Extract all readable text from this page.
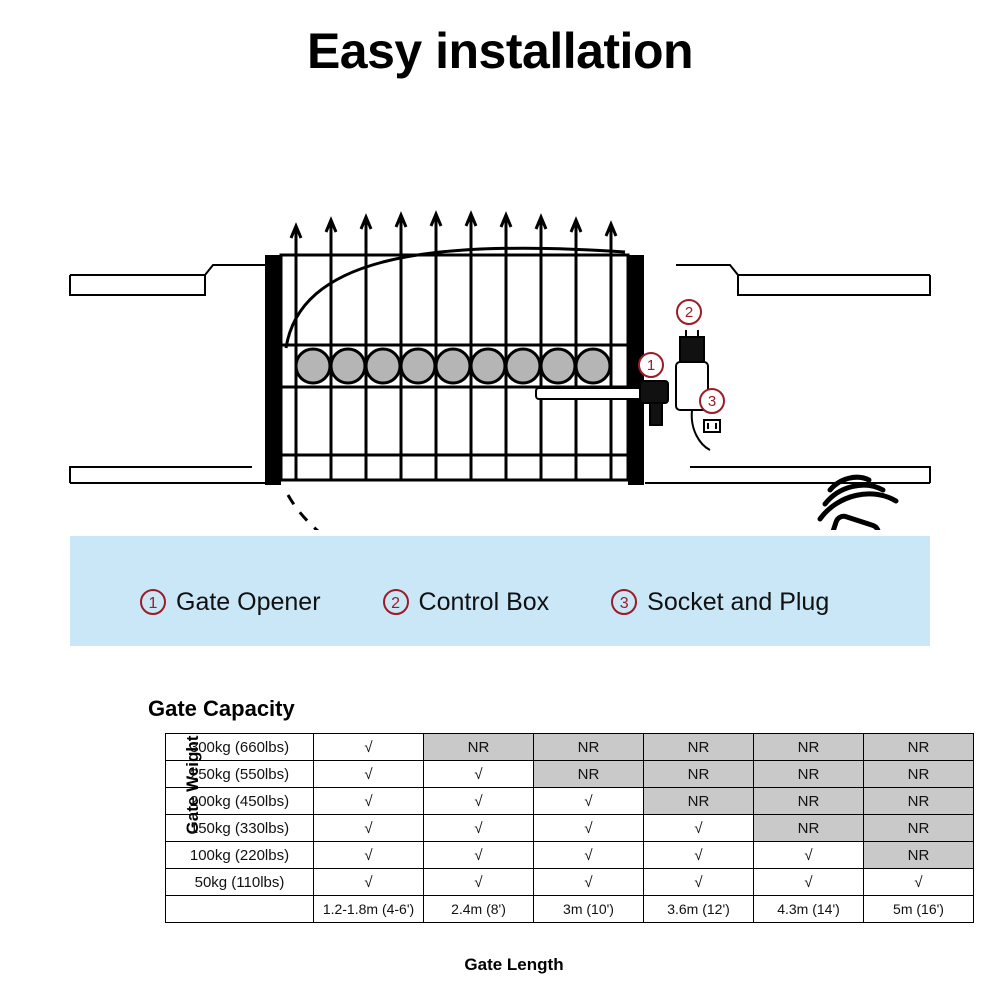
Easy installation
1
2
3
1 Gate Opener	2 Control Box	3 Socket and Plug
Gate Capacity
Gate Weight
300kg (660lbs)	√	NR	NR	NR	NR	NR
250kg (550lbs)	√	√	NR	NR	NR	NR
200kg (450lbs)	√	√	√	NR	NR	NR
150kg (330lbs)	√	√	√	√	NR	NR
100kg (220lbs)	√	√	√	√	√	NR
50kg (110lbs)	√	√	√	√	√	√
	1.2-1.8m (4-6')	2.4m (8')	3m (10')	3.6m (12')	4.3m (14')	5m (16')
Gate Length
